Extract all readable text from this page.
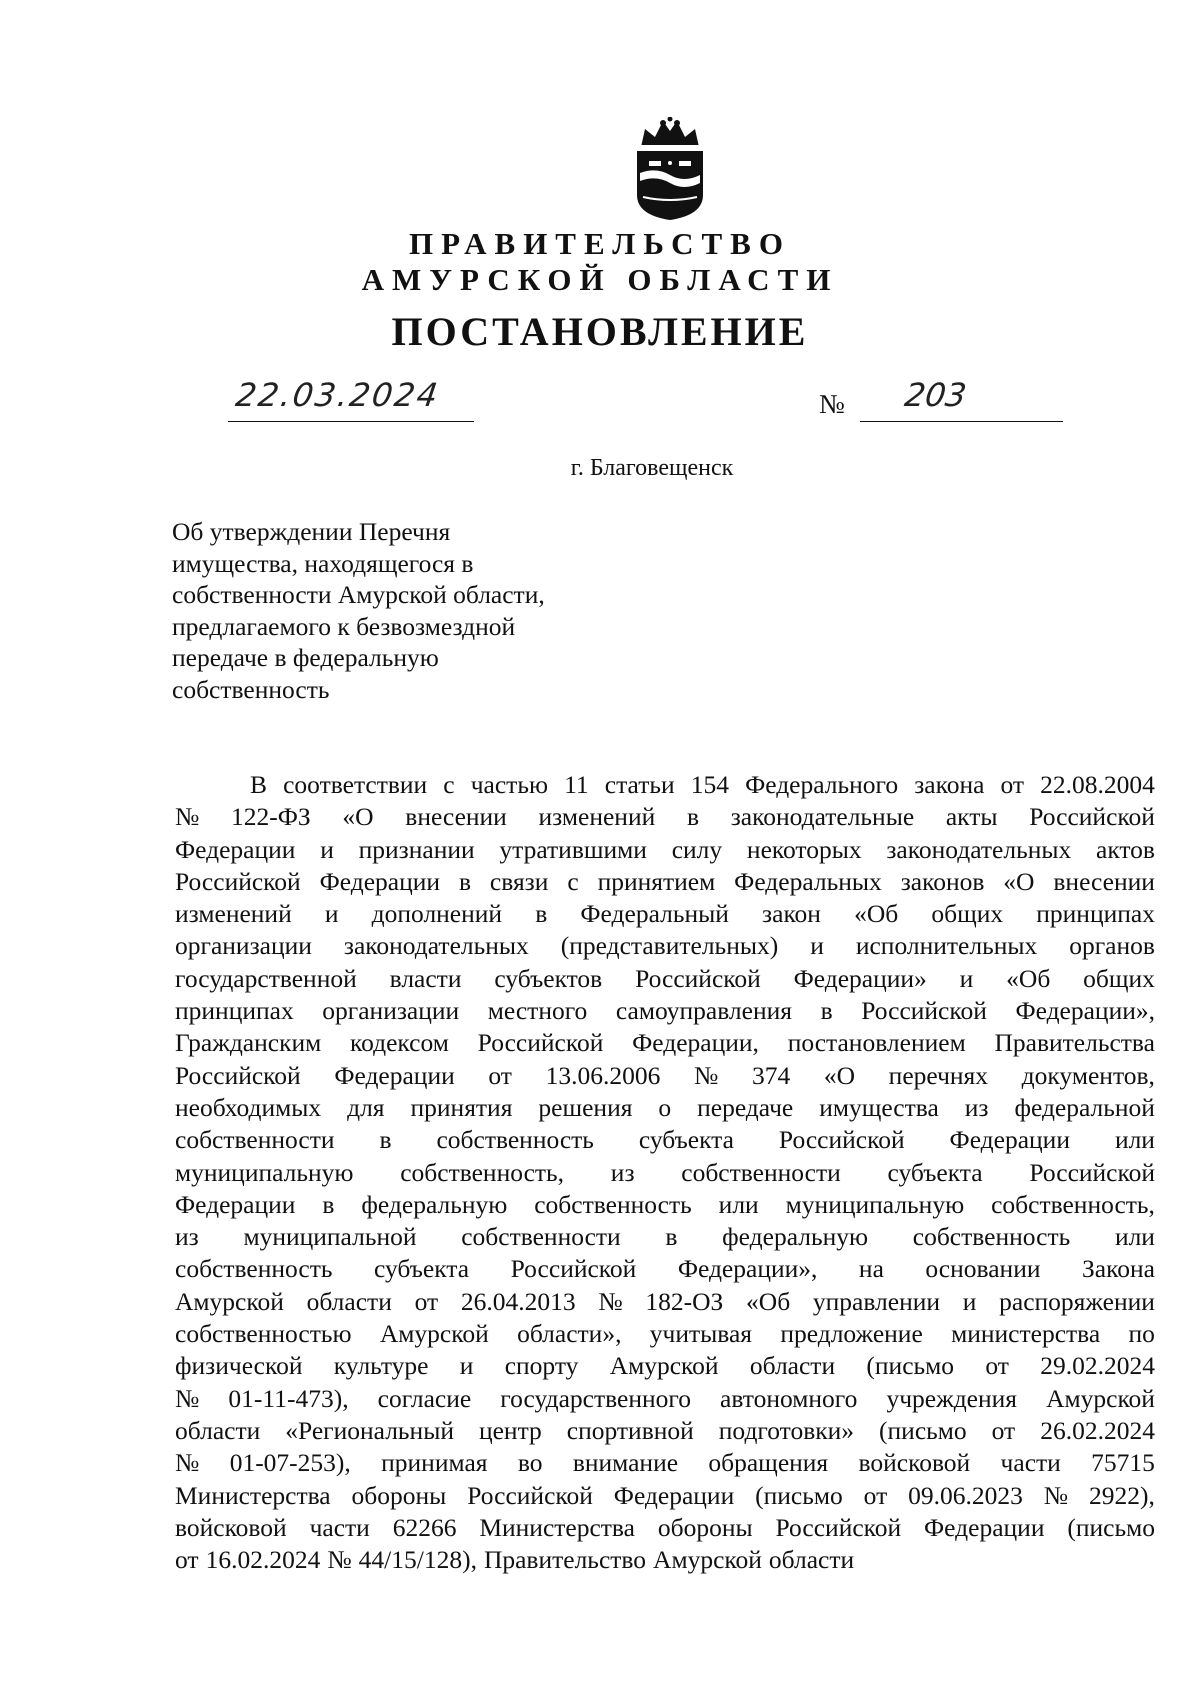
ПРАВИТЕЛЬСТВО
АМУРСКОЙ ОБЛАСТИ
ПОСТАНОВЛЕНИЕ
22.03.2024	№ 203
г. Благовещенск
Об утверждении Перечня
имущества, находящегося в
собственности Амурской области,
предлагаемого к безвозмездной
передаче в федеральную
собственность
В соответствии с частью 11 статьи 154 Федерального закона от 22.08.2004
№ 122-ФЗ «О внесении изменений в законодательные акты Российской
Федерации и признании утратившими силу некоторых законодательных актов
Российской Федерации в связи с принятием Федеральных законов «О внесении
изменений и дополнений в Федеральный закон «Об общих принципах
организации законодательных (представительных) и исполнительных органов
государственной власти субъектов Российской Федерации» и «Об общих
принципах организации местного самоуправления в Российской Федерации»,
Гражданским кодексом Российской Федерации, постановлением Правительства
Российской Федерации от 13.06.2006 № 374 «О перечнях документов,
необходимых для принятия решения о передаче имущества из федеральной
собственности в собственность субъекта Российской Федерации или
муниципальную собственность, из собственности субъекта Российской
Федерации в федеральную собственность или муниципальную собственность,
из муниципальной собственности в федеральную собственность или
собственность субъекта Российской Федерации», на основании Закона
Амурской области от 26.04.2013 № 182-ОЗ «Об управлении и распоряжении
собственностью Амурской области», учитывая предложение министерства по
физической культуре и спорту Амурской области (письмо от 29.02.2024
№ 01-11-473), согласие государственного автономного учреждения Амурской
области «Региональный центр спортивной подготовки» (письмо от 26.02.2024
№ 01-07-253), принимая во внимание обращения войсковой части 75715
Министерства обороны Российской Федерации (письмо от 09.06.2023 № 2922),
войсковой части 62266 Министерства обороны Российской Федерации (письмо
от 16.02.2024 № 44/15/128), Правительство Амурской области
